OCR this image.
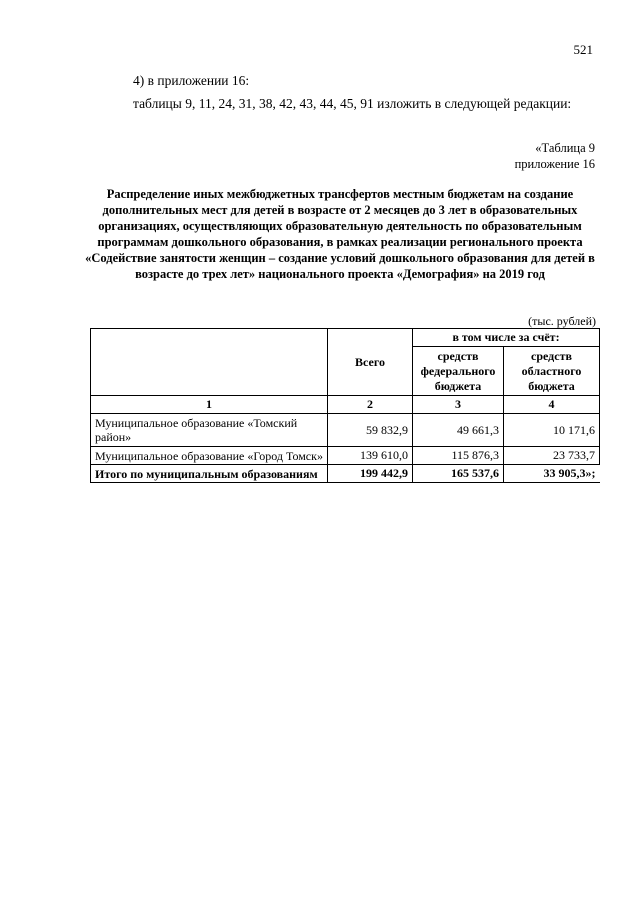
521
4) в приложении 16:
таблицы 9, 11, 24, 31, 38, 42, 43, 44, 45, 91 изложить в следующей редакции:
«Таблица 9
приложение 16
Распределение иных межбюджетных трансфертов местным бюджетам на создание дополнительных мест для детей в возрасте от 2 месяцев до 3 лет в образовательных организациях, осуществляющих образовательную деятельность по образовательным программам дошкольного образования, в рамках реализации регионального проекта «Содействие занятости женщин – создание условий дошкольного образования для детей в возрасте до трех лет» национального проекта «Демография» на 2019 год
(тыс. рублей)
	Всего	в том числе за счёт:	
		средств федерального бюджета	средств областного бюджета
1	2	3	4
Муниципальное образование «Томский район»	59 832,9	49 661,3	10 171,6
Муниципальное образование «Город Томск»	139 610,0	115 876,3	23 733,7
Итого по муниципальным образованиям	199 442,9	165 537,6	33 905,3»;
